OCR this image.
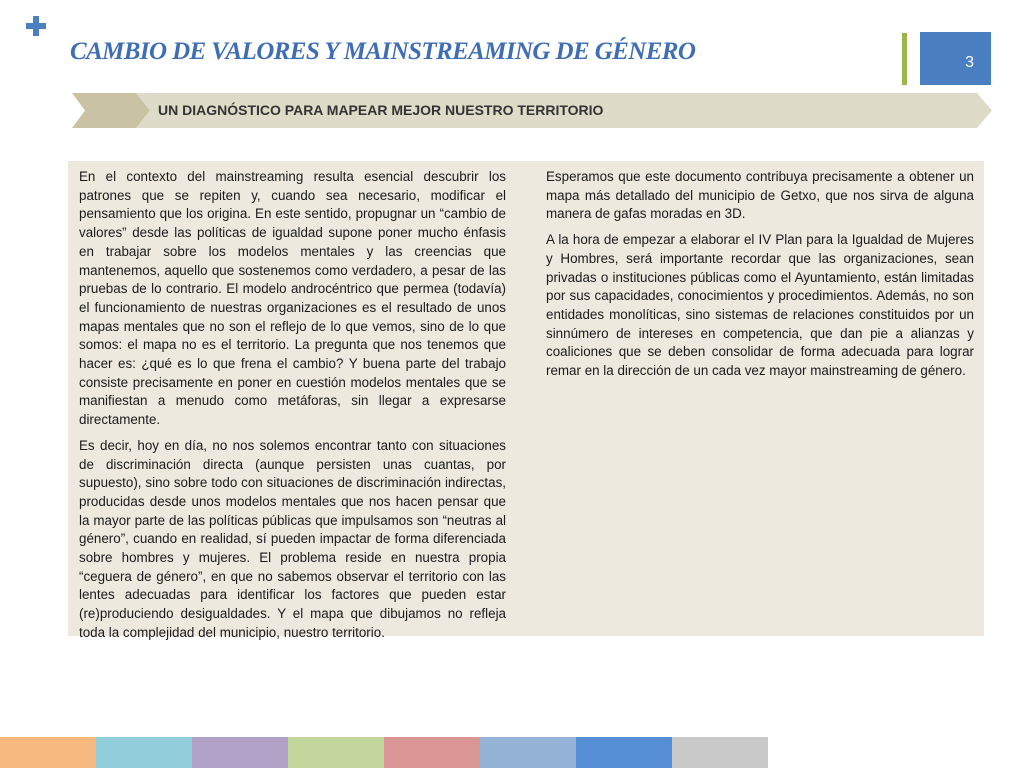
CAMBIO DE VALORES Y MAINSTREAMING DE GÉNERO	3
UN DIAGNÓSTICO PARA MAPEAR MEJOR NUESTRO TERRITORIO

En el contexto del mainstreaming resulta esencial descubrir los patrones que se repiten y, cuando sea necesario, modificar el pensamiento que los origina. En este sentido, propugnar un “cambio de valores” desde las políticas de igualdad supone poner mucho énfasis en trabajar sobre los modelos mentales y las creencias que mantenemos, aquello que sostenemos como verdadero, a pesar de las pruebas de lo contrario. El modelo androcéntrico que permea (todavía) el funcionamiento de nuestras organizaciones es el resultado de unos mapas mentales que no son el reflejo de lo que vemos, sino de lo que somos: el mapa no es el territorio. La pregunta que nos tenemos que hacer es: ¿qué es lo que frena el cambio? Y buena parte del trabajo consiste precisamente en poner en cuestión modelos mentales que se manifiestan a menudo como metáforas, sin llegar a expresarse directamente.

Es decir, hoy en día, no nos solemos encontrar tanto con situaciones de discriminación directa (aunque persisten unas cuantas, por supuesto), sino sobre todo con situaciones de discriminación indirectas, producidas desde unos modelos mentales que nos hacen pensar que la mayor parte de las políticas públicas que impulsamos son “neutras al género”, cuando en realidad, sí pueden impactar de forma diferenciada sobre hombres y mujeres. El problema reside en nuestra propia “ceguera de género”, en que no sabemos observar el territorio con las lentes adecuadas para identificar los factores que pueden estar (re)produciendo desigualdades. Y el mapa que dibujamos no refleja toda la complejidad del municipio, nuestro territorio.

Esperamos que este documento contribuya precisamente a obtener un mapa más detallado del municipio de Getxo, que nos sirva de alguna manera de gafas moradas en 3D.

A la hora de empezar a elaborar el IV Plan para la Igualdad de Mujeres y Hombres, será importante recordar que las organizaciones, sean privadas o instituciones públicas como el Ayuntamiento, están limitadas por sus capacidades, conocimientos y procedimientos. Además, no son entidades monolíticas, sino sistemas de relaciones constituidos por un sinnúmero de intereses en competencia, que dan pie a alianzas y coaliciones que se deben consolidar de forma adecuada para lograr remar en la dirección de un cada vez mayor mainstreaming de género.
